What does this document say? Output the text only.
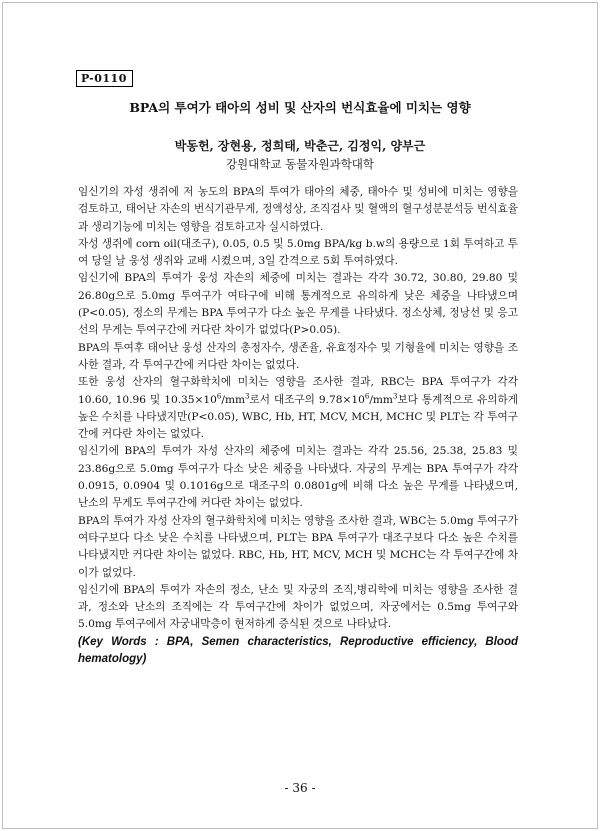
P-0110
BPA의 투여가 태아의 성비 및 산자의 번식효율에 미치는 영향
박동헌, 장현용, 정희태, 박춘근, 김정익, 양부근
강원대학교 동물자원과학대학

임신기의 자성 생쥐에 저 농도의 BPA의 투여가 태아의 체중, 태아수 및 성비에 미치는 영향을 검토하고, 태어난 자손의 번식기관무게, 정액성상, 조직검사 및 혈액의 혈구성분분석등 번식효율과 생리기능에 미치는 영향을 검토하고자 실시하였다.

자성 생쥐에 corn oil(대조구), 0.05, 0.5 및 5.0mg BPA/kg b.w의 용량으로 1회 투여하고 투여 당일 날 웅성 생쥐와 교배 시켰으며, 3일 간격으로 5회 투여하였다.

임신기에 BPA의 투여가 웅성 자손의 체중에 미치는 결과는 각각 30.72, 30.80, 29.80 및 26.80g으로 5.0mg 투여구가 여타구에 비해 통계적으로 유의하게 낮은 체중을 나타냈으며(P<0.05), 정소의 무게는 BPA 투여구가 다소 높은 무게를 나타냈다. 정소상체, 정낭선 및 응고선의 무게는 투여구간에 커다란 차이가 없었다(P>0.05).

BPA의 투여후 태어난 웅성 산자의 총정자수, 생존율, 유효정자수 및 기형율에 미치는 영향을 조사한 결과, 각 투여구간에 커다란 차이는 없었다.

또한 웅성 산자의 혈구화학치에 미치는 영향을 조사한 결과, RBC는 BPA 투여구가 각각 10.60, 10.96 및 $10.35\times 10^6/mm^3$로서 대조구의 $9.78\times 10^6/mm^3$보다 통계적으로 유의하게 높은 수치를 나타냈지만(P<0.05), WBC, Hb, HT, MCV, MCH, MCHC 및 PLT는 각 투여구간에 커다란 차이는 없었다.

임신기에 BPA의 투여가 자성 산자의 체중에 미치는 결과는 각각 25.56, 25.38, 25.83 및 23.86g으로 5.0mg 투여구가 다소 낮은 체중을 나타냈다. 자궁의 무게는 BPA 투여구가 각각 0.0915, 0.0904 및 0.1016g으로 대조구의 0.0801g에 비해 다소 높은 무게를 나타냈으며, 난소의 무게도 투여구간에 커다란 차이는 없었다.

BPA의 투여가 자성 산자의 혈구화학치에 미치는 영향을 조사한 결과, WBC는 5.0mg 투여구가 여타구보다 다소 낮은 수치를 나타냈으며, PLT는 BPA 투여구가 대조구보다 다소 높은 수치를 나타냈지만 커다란 차이는 없었다. RBC, Hb, HT, MCV, MCH 및 MCHC는 각 투여구간에 차이가 없었다.

임신기에 BPA의 투여가 자손의 정소, 난소 및 자궁의 조직,병리학에 미치는 영향을 조사한 결과, 정소와 난소의 조직에는 각 투여구간에 차이가 없었으며, 자궁에서는 0.5mg 투여구와 5.0mg 투여구에서 자궁내막층이 현저하게 증식된 것으로 나타났다.

(Key Words : BPA, Semen characteristics, Reproductive efficiency, Blood hematology)

- 36 -
